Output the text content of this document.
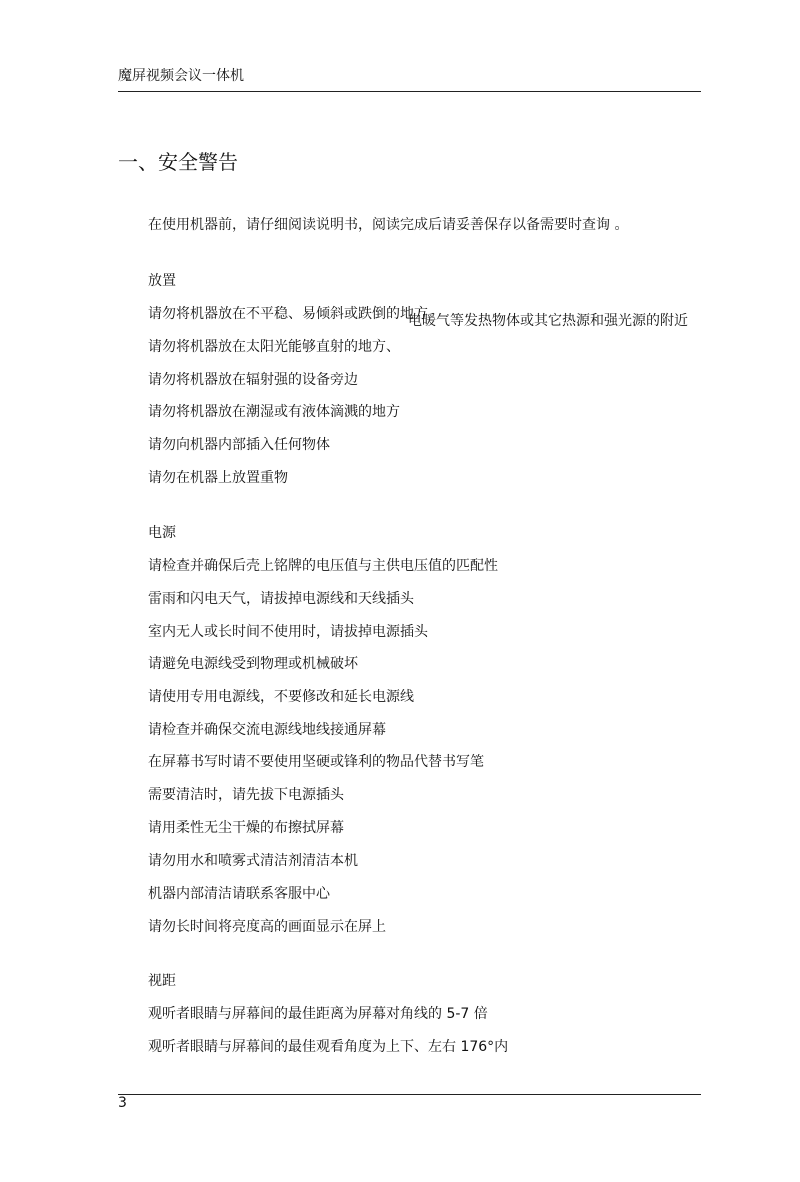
魔屏视频会议一体机
一、安全警告
在使用机器前，请仔细阅读说明书，阅读完成后请妥善保存以备需要时查询 。
放置
请勿将机器放在不平稳、易倾斜或跌倒的地方
电暖气等发热物体或其它热源和强光源的附近
请勿将机器放在太阳光能够直射的地方、
请勿将机器放在辐射强的设备旁边
请勿将机器放在潮湿或有液体滴溅的地方
请勿向机器内部插入任何物体
请勿在机器上放置重物
电源
请检查并确保后壳上铭牌的电压值与主供电压值的匹配性
雷雨和闪电天气，请拔掉电源线和天线插头
室内无人或长时间不使用时，请拔掉电源插头
请避免电源线受到物理或机械破坏
请使用专用电源线，不要修改和延长电源线
请检查并确保交流电源线地线接通屏幕
在屏幕书写时请不要使用坚硬或锋利的物品代替书写笔
需要清洁时，请先拔下电源插头
请用柔性无尘干燥的布擦拭屏幕
请勿用水和喷雾式清洁剂清洁本机
机器内部清洁请联系客服中心
请勿长时间将亮度高的画面显示在屏上
视距
观听者眼睛与屏幕间的最佳距离为屏幕对角线的 5-7 倍
观听者眼睛与屏幕间的最佳观看角度为上下、左右 176°内
3
